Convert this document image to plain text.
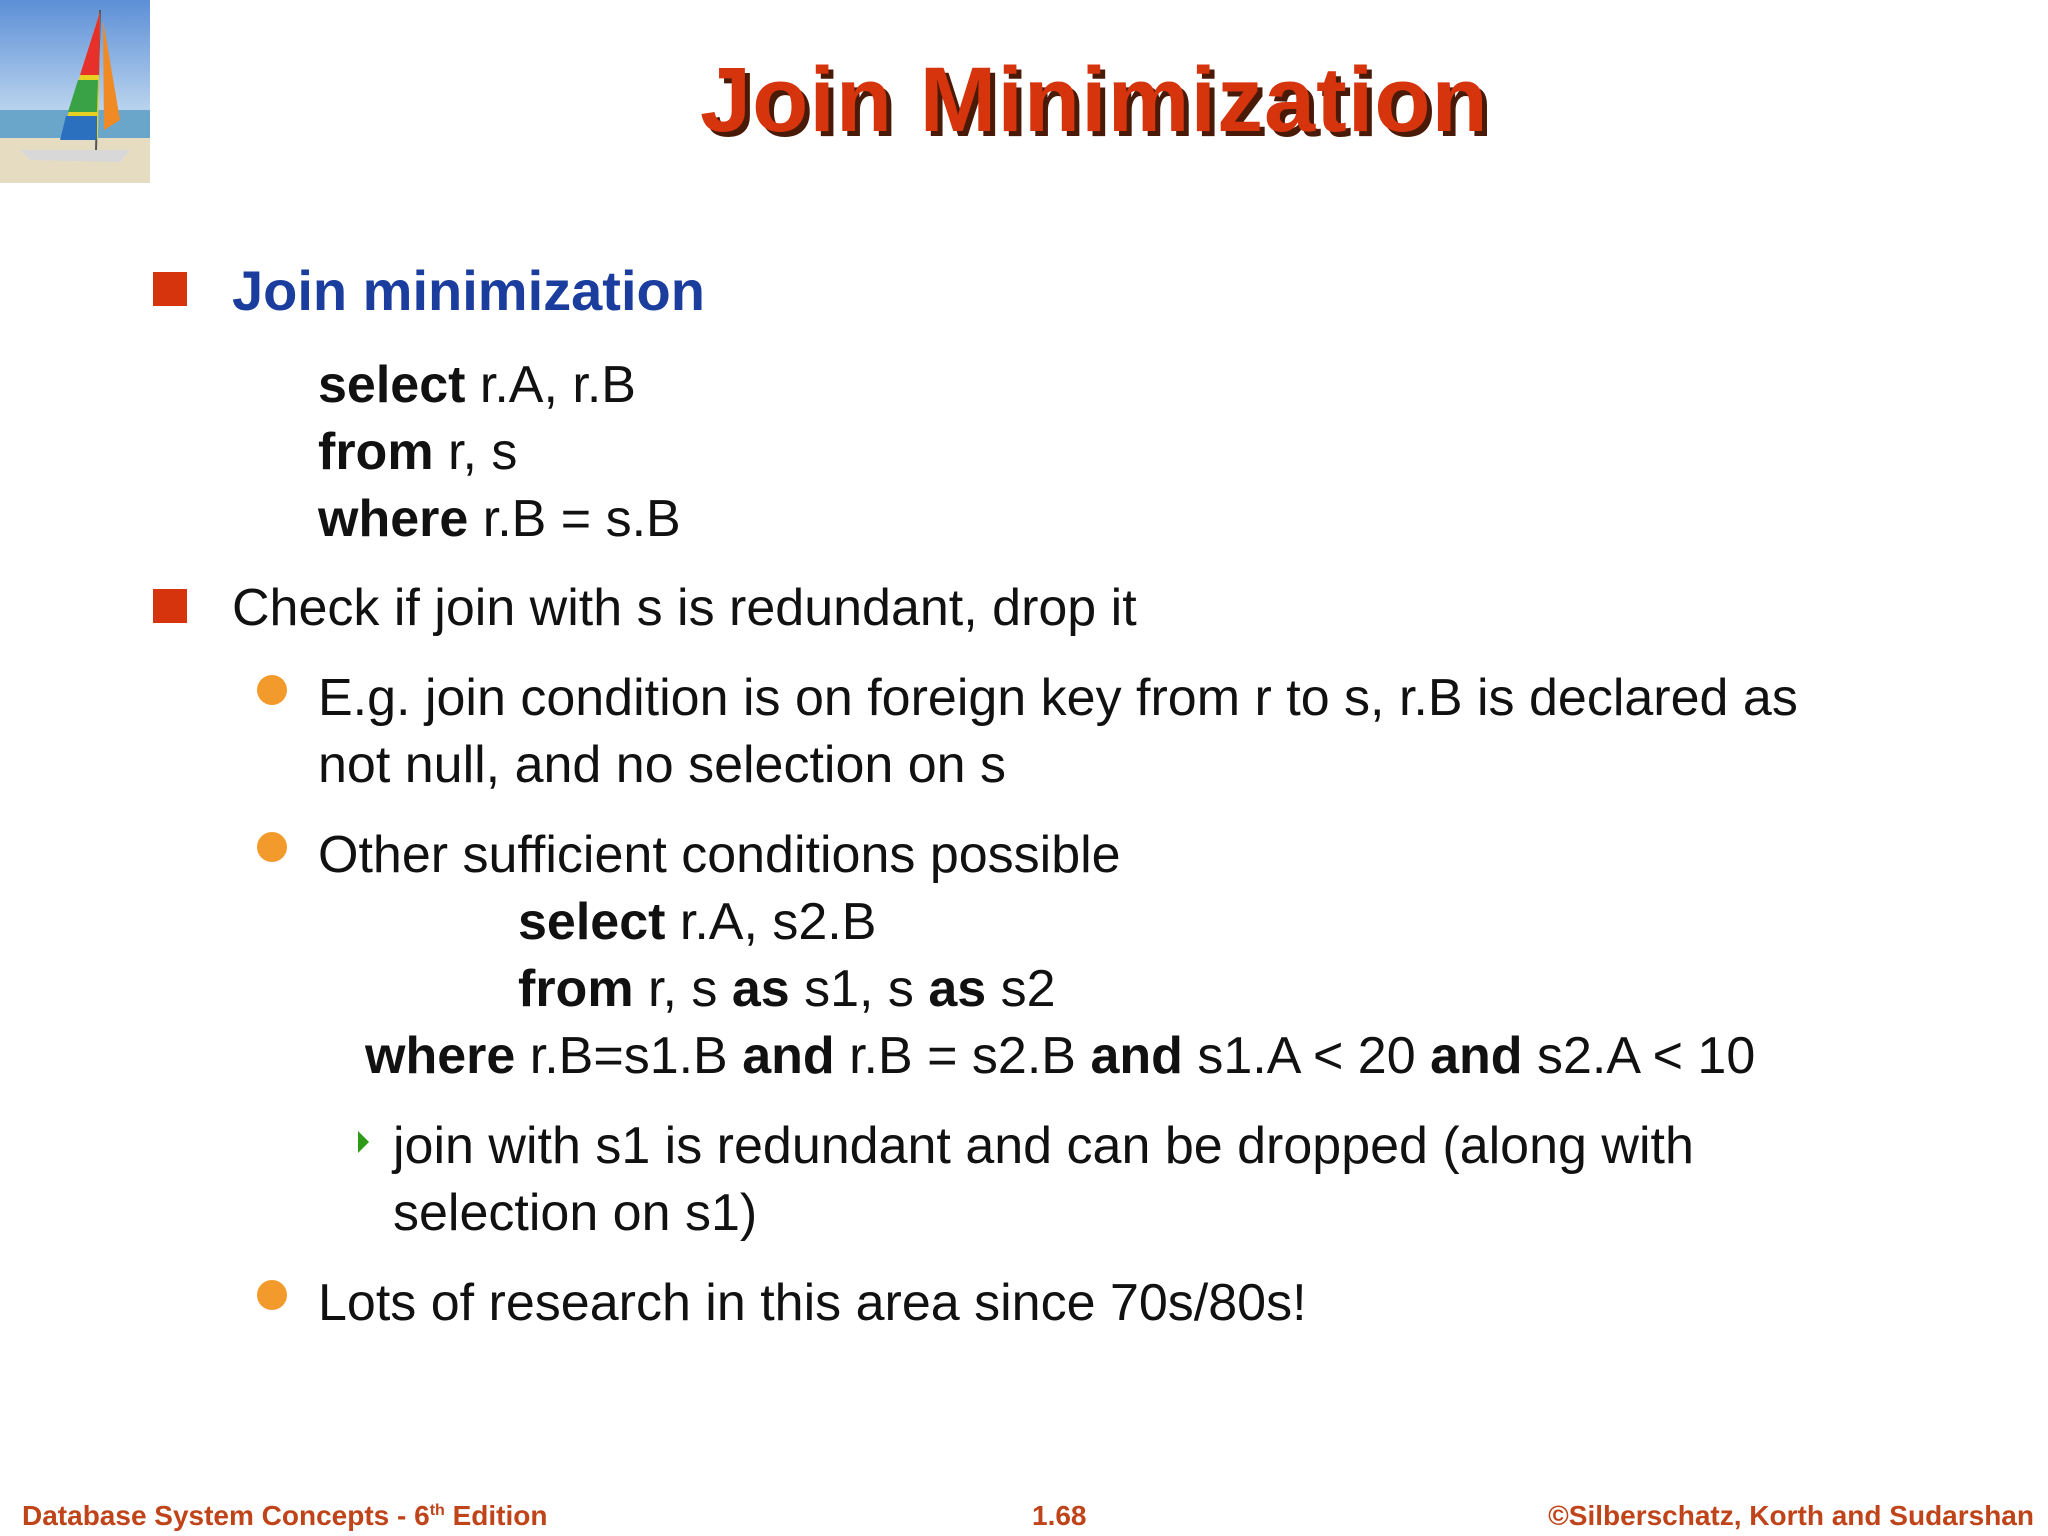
Join Minimization
Join minimization
select r.A, r.B
from r, s
where r.B = s.B
Check if join with s is redundant, drop it
E.g. join condition is on foreign key from r to s, r.B is declared as
not null, and no selection on s
Other sufficient conditions possible
select r.A, s2.B
from r, s as s1, s as s2
where r.B=s1.B and r.B = s2.B and s1.A < 20 and s2.A < 10
join with s1 is redundant and can be dropped (along with
selection on s1)
Lots of research in this area since 70s/80s!
Database System Concepts - 6th Edition	1.68	©Silberschatz, Korth and Sudarshan
